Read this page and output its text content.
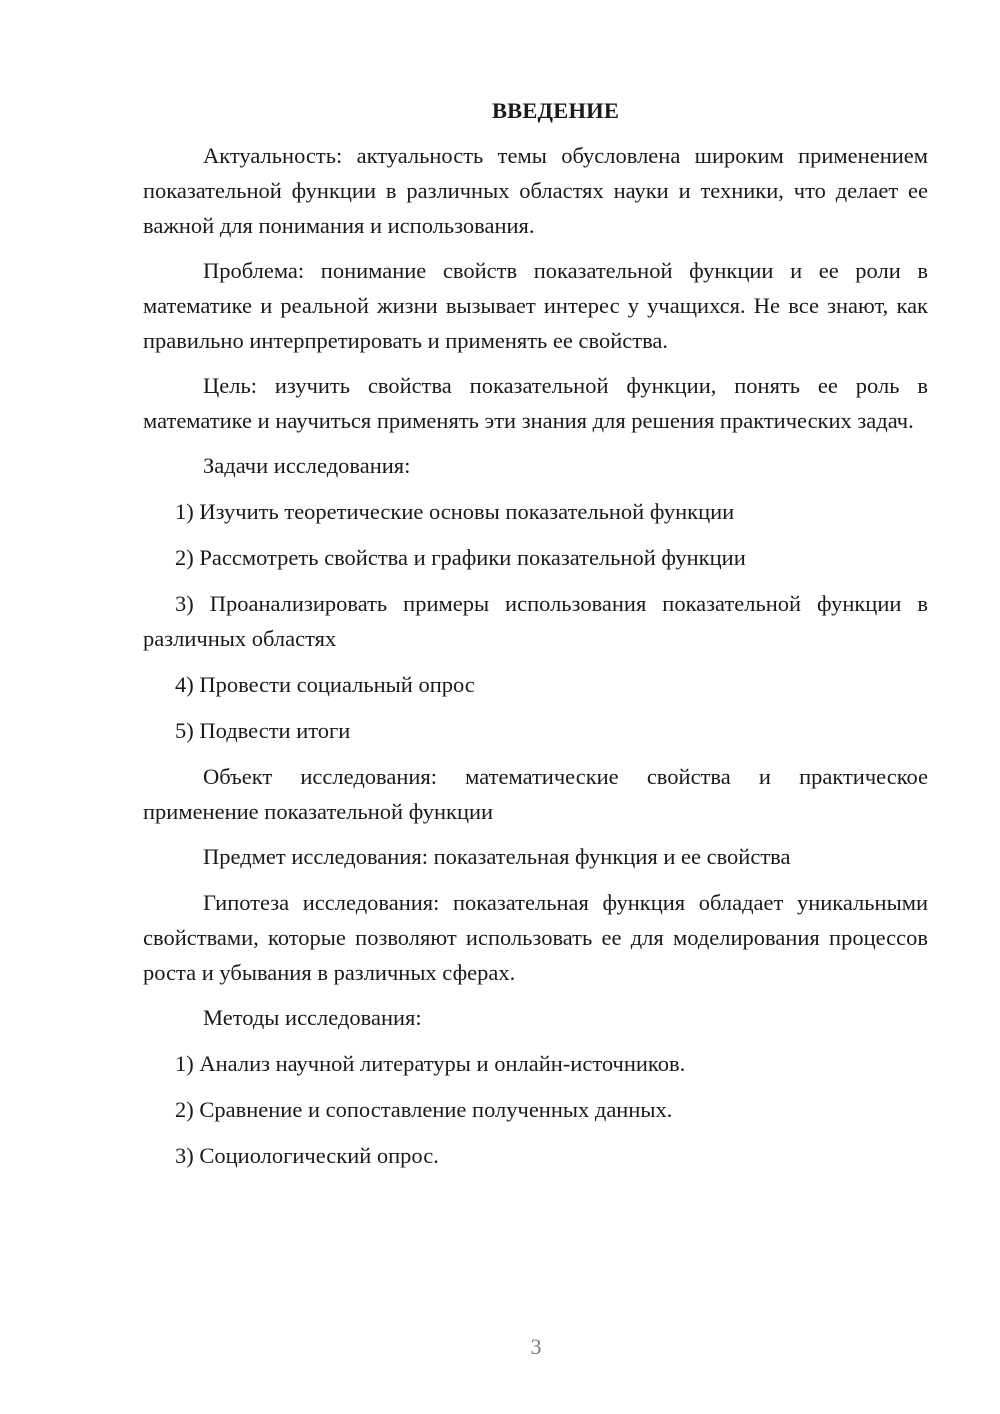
ВВЕДЕНИЕ

Актуальность: актуальность темы обусловлена широким применением показательной функции в различных областях науки и техники, что делает ее важной для понимания и использования.

Проблема: понимание свойств показательной функции и ее роли в математике и реальной жизни вызывает интерес у учащихся. Не все знают, как правильно интерпретировать и применять ее свойства.

Цель: изучить свойства показательной функции, понять ее роль в математике и научиться применять эти знания для решения практических задач.

Задачи исследования:

1) Изучить теоретические основы показательной функции

2) Рассмотреть свойства и графики показательной функции

3) Проанализировать примеры использования показательной функции в различных областях

4) Провести социальный опрос

5) Подвести итоги

Объект исследования: математические свойства и практическое применение показательной функции

Предмет исследования: показательная функция и ее свойства

Гипотеза исследования: показательная функция обладает уникальными свойствами, которые позволяют использовать ее для моделирования процессов роста и убывания в различных сферах.

Методы исследования:

1) Анализ научной литературы и онлайн-источников.

2) Сравнение и сопоставление полученных данных.

3) Социологический опрос.

3
